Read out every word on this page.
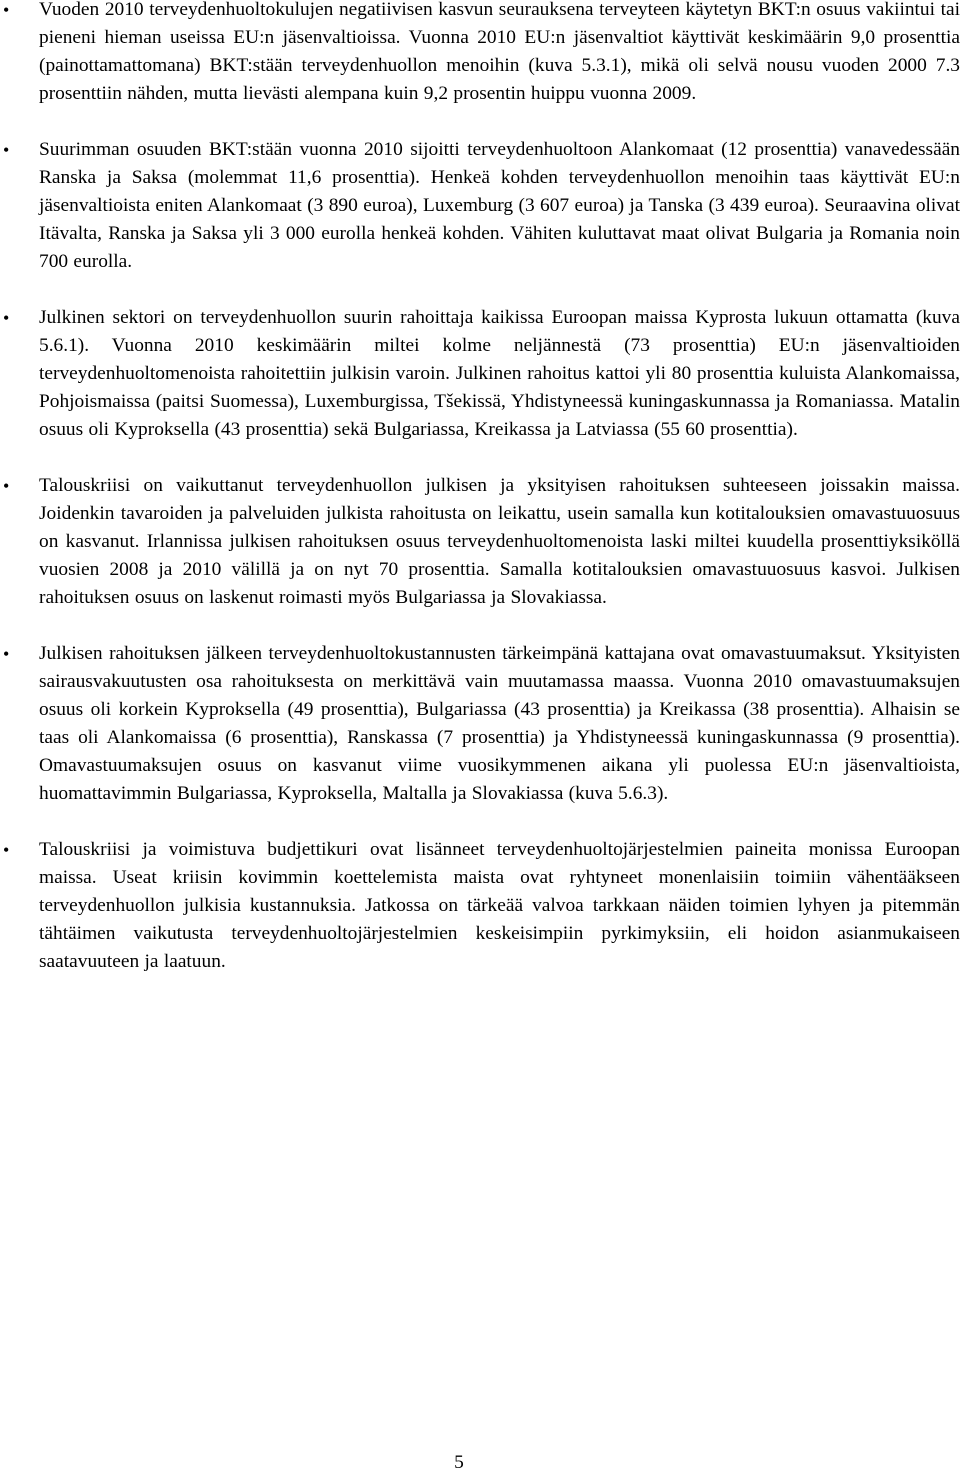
• Vuoden 2010 terveydenhuoltokulujen negatiivisen kasvun seurauksena terveyteen käytetyn BKT:n osuus vakiintui tai pieneni hieman useissa EU:n jäsenvaltioissa. Vuonna 2010 EU:n jäsenvaltiot käyttivät keskimäärin 9,0 prosenttia (painottamattomana) BKT:stään terveydenhuollon menoihin (kuva 5.3.1), mikä oli selvä nousu vuoden 2000 7.3 prosenttiin nähden, mutta lievästi alempana kuin 9,2 prosentin huippu vuonna 2009.
• Suurimman osuuden BKT:stään vuonna 2010 sijoitti terveydenhuoltoon Alankomaat (12 prosenttia) vanavedessään Ranska ja Saksa (molemmat 11,6 prosenttia). Henkeä kohden terveydenhuollon menoihin taas käyttivät EU:n jäsenvaltioista eniten Alankomaat (3 890 euroa), Luxemburg (3 607 euroa) ja Tanska (3 439 euroa). Seuraavina olivat Itävalta, Ranska ja Saksa yli 3 000 eurolla henkeä kohden. Vähiten kuluttavat maat olivat Bulgaria ja Romania noin 700 eurolla.
• Julkinen sektori on terveydenhuollon suurin rahoittaja kaikissa Euroopan maissa Kyprosta lukuun ottamatta (kuva 5.6.1). Vuonna 2010 keskimäärin miltei kolme neljännestä (73 prosenttia) EU:n jäsenvaltioiden terveydenhuoltomenoista rahoitettiin julkisin varoin. Julkinen rahoitus kattoi yli 80 prosenttia kuluista Alankomaissa, Pohjoismaissa (paitsi Suomessa), Luxemburgissa, Tšekissä, Yhdistyneessä kuningaskunnassa ja Romaniassa. Matalin osuus oli Kyproksella (43 prosenttia) sekä Bulgariassa, Kreikassa ja Latviassa (55 60 prosenttia).
• Talouskriisi on vaikuttanut terveydenhuollon julkisen ja yksityisen rahoituksen suhteeseen joissakin maissa. Joidenkin tavaroiden ja palveluiden julkista rahoitusta on leikattu, usein samalla kun kotitalouksien omavastuuosuus on kasvanut. Irlannissa julkisen rahoituksen osuus terveydenhuoltomenoista laski miltei kuudella prosenttiyksiköllä vuosien 2008 ja 2010 välillä ja on nyt 70 prosenttia. Samalla kotitalouksien omavastuuosuus kasvoi. Julkisen rahoituksen osuus on laskenut roimasti myös Bulgariassa ja Slovakiassa.
• Julkisen rahoituksen jälkeen terveydenhuoltokustannusten tärkeimpänä kattajana ovat omavastuumaksut. Yksityisten sairausvakuutusten osa rahoituksesta on merkittävä vain muutamassa maassa. Vuonna 2010 omavastuumaksujen osuus oli korkein Kyproksella (49 prosenttia), Bulgariassa (43 prosenttia) ja Kreikassa (38 prosenttia). Alhaisin se taas oli Alankomaissa (6 prosenttia), Ranskassa (7 prosenttia) ja Yhdistyneessä kuningaskunnassa (9 prosenttia). Omavastuumaksujen osuus on kasvanut viime vuosikymmenen aikana yli puolessa EU:n jäsenvaltioista, huomattavimmin Bulgariassa, Kyproksella, Maltalla ja Slovakiassa (kuva 5.6.3).
• Talouskriisi ja voimistuva budjettikuri ovat lisänneet terveydenhuoltojärjestelmien paineita monissa Euroopan maissa. Useat kriisin kovimmin koettelemista maista ovat ryhtyneet monenlaisiin toimiin vähentääkseen terveydenhuollon julkisia kustannuksia. Jatkossa on tärkeää valvoa tarkkaan näiden toimien lyhyen ja pitemmän tähtäimen vaikutusta terveydenhuoltojärjestelmien keskeisimpiin pyrkimyksiin, eli hoidon asianmukaiseen saatavuuteen ja laatuun.
5
